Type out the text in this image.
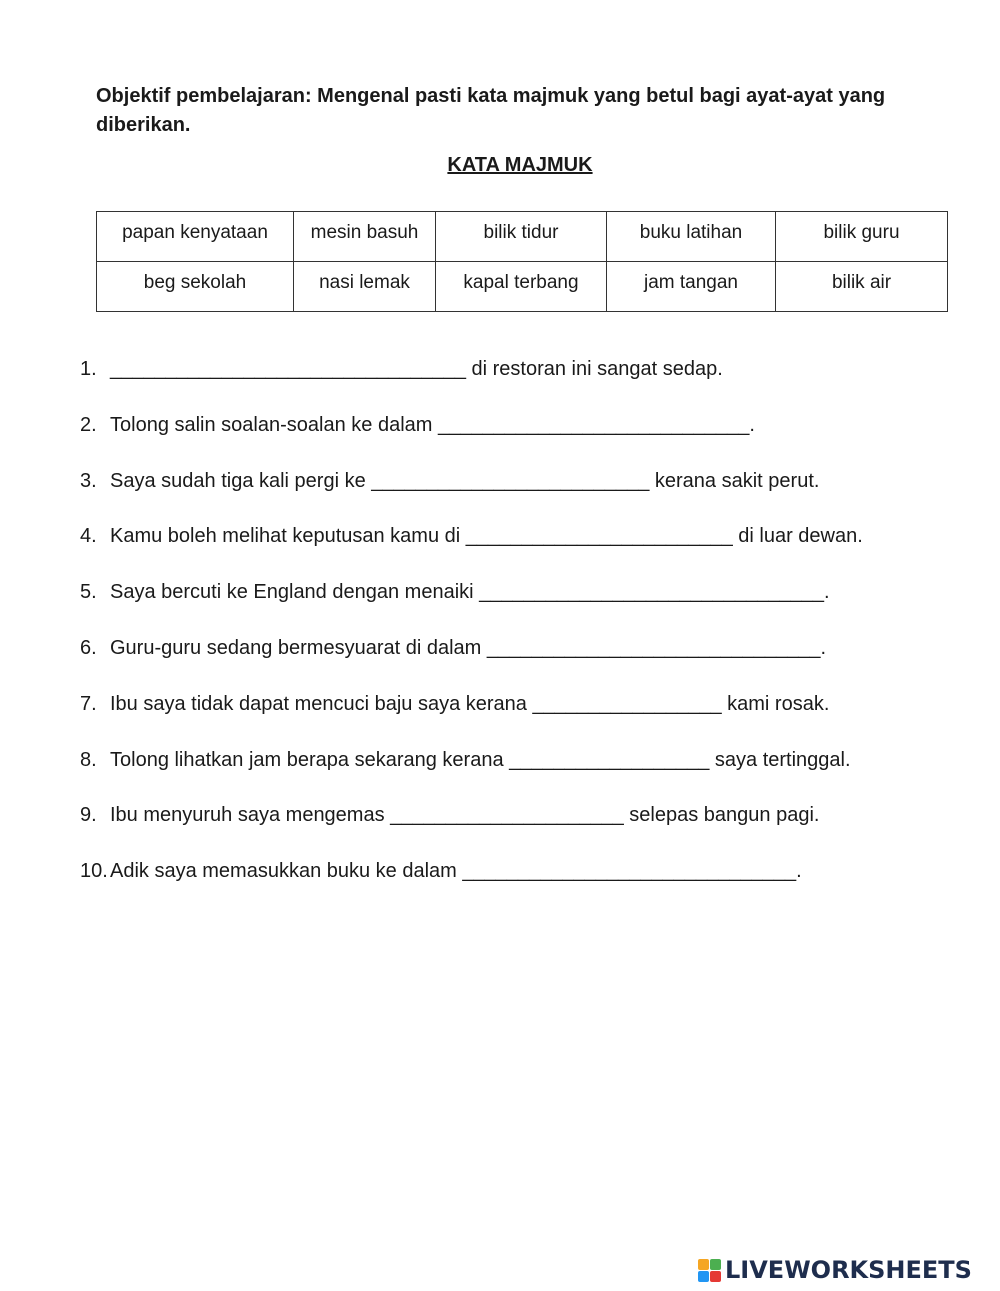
Objektif pembelajaran: Mengenal pasti kata majmuk yang betul bagi ayat-ayat yang diberikan.

KATA MAJMUK

papan kenyataan	mesin basuh	bilik tidur	buku latihan	bilik guru
beg sekolah	nasi lemak	kapal terbang	jam tangan	bilik air
1. ________________________________ di restoran ini sangat sedap.
2. Tolong salin soalan-soalan ke dalam ____________________________.
3. Saya sudah tiga kali pergi ke _________________________ kerana sakit perut.
4. Kamu boleh melihat keputusan kamu di ________________________ di luar dewan.
5. Saya bercuti ke England dengan menaiki _______________________________.
6. Guru-guru sedang bermesyuarat di dalam ______________________________.
7. Ibu saya tidak dapat mencuci baju saya kerana _________________ kami rosak.
8. Tolong lihatkan jam berapa sekarang kerana __________________ saya tertinggal.
9. Ibu menyuruh saya mengemas _____________________ selepas bangun pagi.
10. Adik saya memasukkan buku ke dalam ______________________________.
LIVEWORKSHEETS
